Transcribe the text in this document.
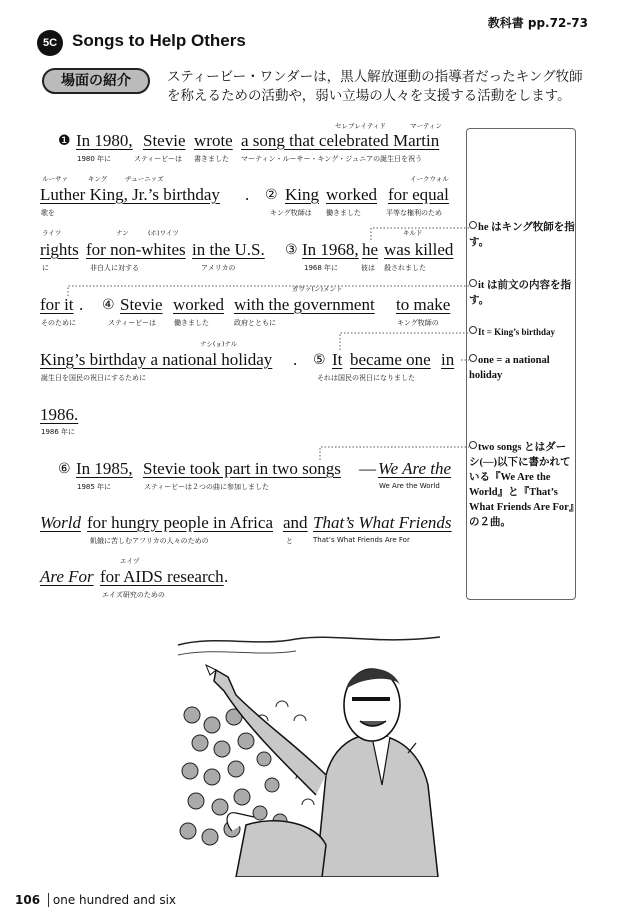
教科書 pp.72-73
5C Songs to Help Others
場面の紹介	スティービー・ワンダーは，黒人解放運動の指導者だったキング牧師を称えるための活動や，弱い立場の人々を支援する活動をします。
セレブレイティド	マーティン
❶ In 1980, Stevie wrote a song that celebrated Martin
1980 年に	スティービーは 書きました マーティン・ルーサー・キング・ジュニアの誕生日を祝う
ルーサァ	キング	ヂューニァズ	イークウォル
Luther King, Jr.’s birthday . ② King worked for equal
歌を	キング牧師は 働きました	平等な権利のため
ライツ	ナン	(ホ)ワイツ	キルド
rights for non-whites in the U.S. ③ In 1968, he was killed
に	非白人に対する	アメリカの	1968 年に	彼は 殺されました
ガヴァ(ン)メント
for it . ④ Stevie worked with the government to make
そのために	スティービーは	働きました	政府とともに	キング牧師の
ナシ(ョ)ナル
King’s birthday a national holiday . ⑤ It became one in
誕生日を国民の祝日にするために	それは 国民の祝日になりました
1986.
1986 年に
⑥ In 1985, Stevie took part in two songs — We Are the
1985 年に	スティービーは２つの曲に参加しました	We Are the World
World for hungry people in Africa and That’s What Friends
飢餓に苦しむアフリカの人々のための	と	That’s What Friends Are For
エイヅ
Are For for AIDS research .
エイズ研究のための
he はキング牧師を指す。
it は前文の内容を指す。
It = King’s birthday
one = a national holiday
two songs とはダーシ(—)以下に書かれている『We Are the World』と『That’s What Friends Are For』の２曲。
106 one hundred and six
